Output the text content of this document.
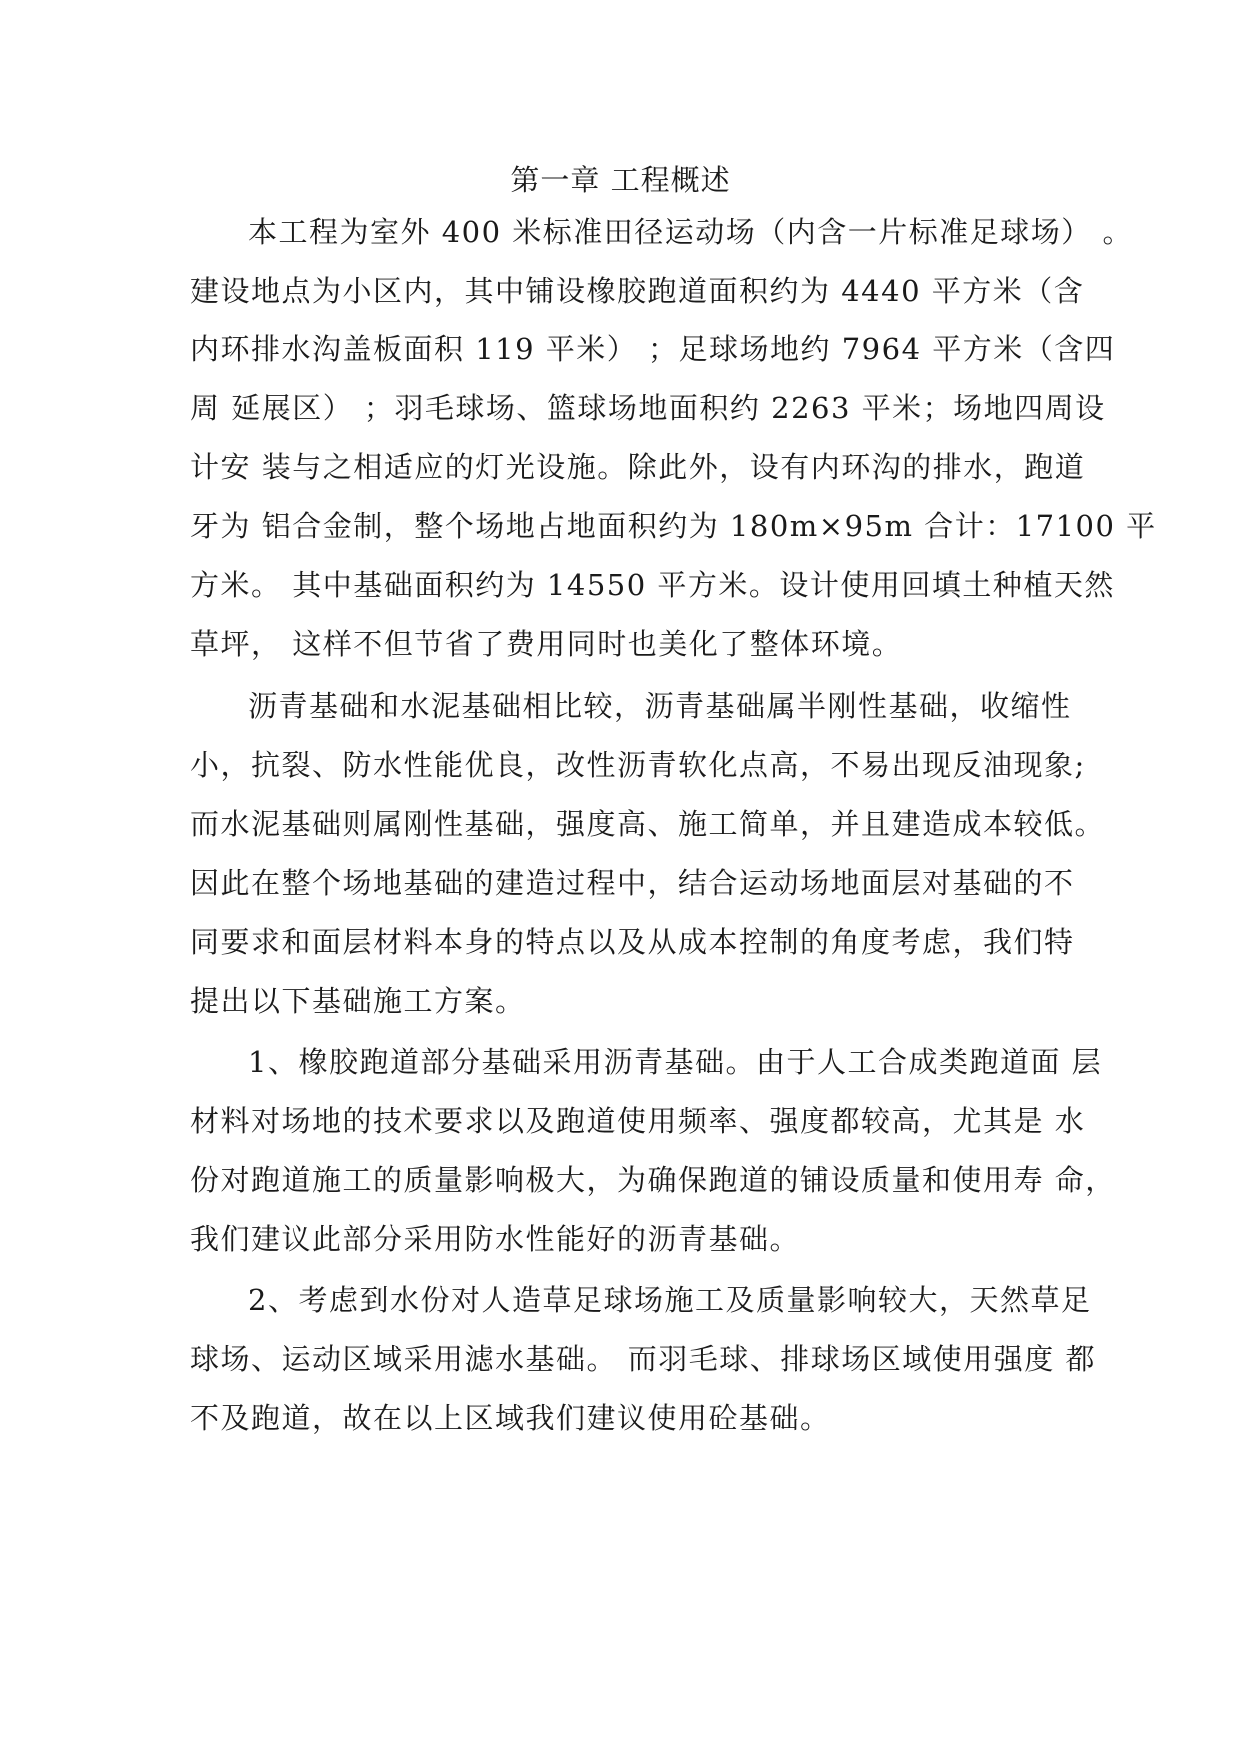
第一章 工程概述

本工程为室外 400 米标准田径运动场（内含一片标准足球场） 。

建设地点为小区内，其中铺设橡胶跑道面积约为 4440 平方米（含

内环排水沟盖板面积 119 平米） ；足球场地约 7964 平方米（含四

周 延展区） ；羽毛球场、篮球场地面积约 2263 平米；场地四周设

计安 装与之相适应的灯光设施。除此外，设有内环沟的排水，跑道

牙为 铝合金制，整个场地占地面积约为 180m×95m 合计：17100 平

方米。 其中基础面积约为 14550 平方米。设计使用回填土种植天然

草坪， 这样不但节省了费用同时也美化了整体环境。

沥青基础和水泥基础相比较，沥青基础属半刚性基础，收缩性

小，抗裂、防水性能优良，改性沥青软化点高，不易出现反油现象;

而水泥基础则属刚性基础，强度高、施工简单，并且建造成本较低。

因此在整个场地基础的建造过程中，结合运动场地面层对基础的不

同要求和面层材料本身的特点以及从成本控制的角度考虑，我们特

提出以下基础施工方案。

1、橡胶跑道部分基础采用沥青基础。由于人工合成类跑道面 层

材料对场地的技术要求以及跑道使用频率、强度都较高，尤其是 水

份对跑道施工的质量影响极大，为确保跑道的铺设质量和使用寿 命，

我们建议此部分采用防水性能好的沥青基础。

2、考虑到水份对人造草足球场施工及质量影响较大，天然草足

球场、运动区域采用滤水基础。 而羽毛球、排球场区域使用强度 都

不及跑道，故在以上区域我们建议使用砼基础。
